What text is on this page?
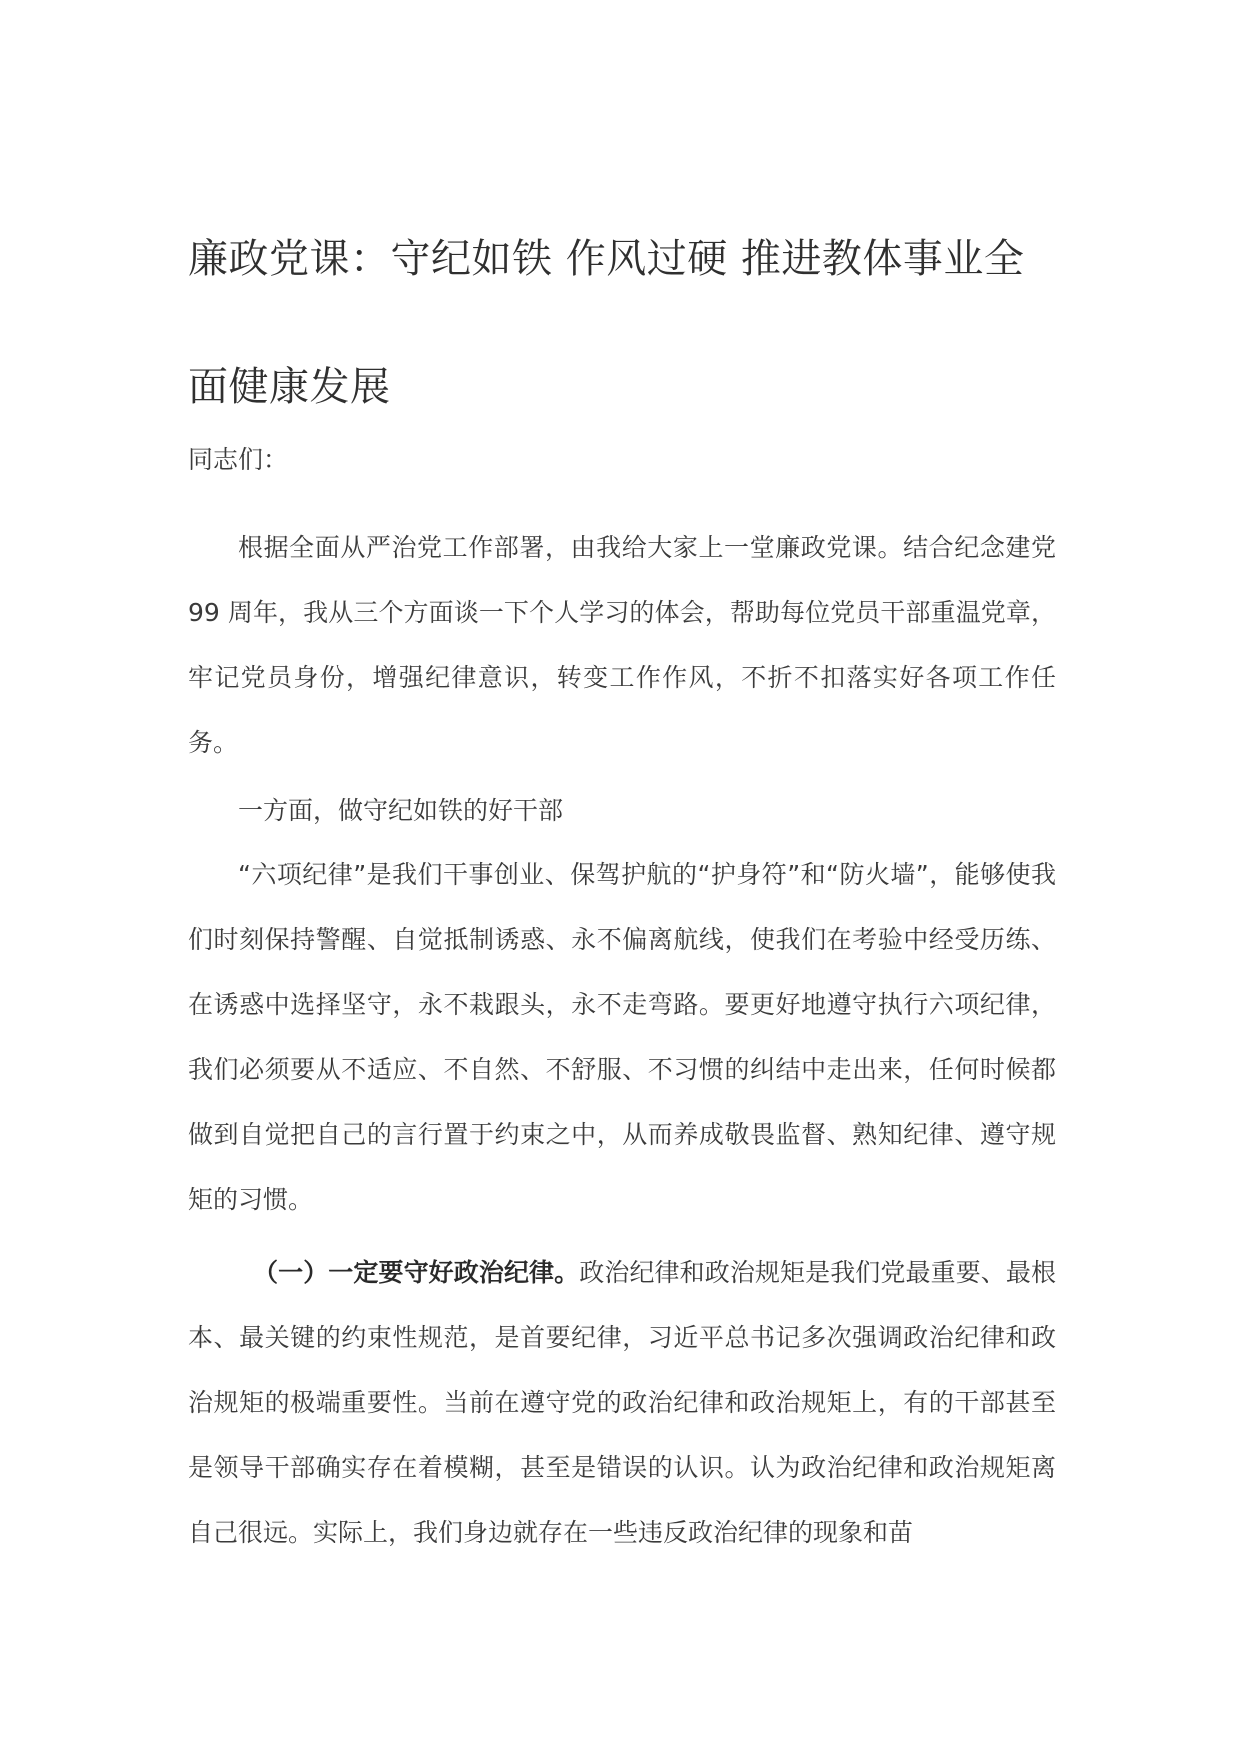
廉政党课：守纪如铁 作风过硬 推进教体事业全面健康发展

同志们：

根据全面从严治党工作部署，由我给大家上一堂廉政党课。结合纪念建党 99 周年，我从三个方面谈一下个人学习的体会，帮助每位党员干部重温党章，牢记党员身份，增强纪律意识，转变工作作风，不折不扣落实好各项工作任务。

一方面，做守纪如铁的好干部

“六项纪律”是我们干事创业、保驾护航的“护身符”和“防火墙”，能够使我们时刻保持警醒、自觉抵制诱惑、永不偏离航线，使我们在考验中经受历练、在诱惑中选择坚守，永不栽跟头，永不走弯路。要更好地遵守执行六项纪律，我们必须要从不适应、不自然、不舒服、不习惯的纠结中走出来，任何时候都做到自觉把自己的言行置于约束之中，从而养成敬畏监督、熟知纪律、遵守规矩的习惯。

（一）一定要守好政治纪律。政治纪律和政治规矩是我们党最重要、最根本、最关键的约束性规范，是首要纪律，习近平总书记多次强调政治纪律和政治规矩的极端重要性。当前在遵守党的政治纪律和政治规矩上，有的干部甚至是领导干部确实存在着模糊，甚至是错误的认识。认为政治纪律和政治规矩离自己很远。实际上，我们身边就存在一些违反政治纪律的现象和苗
